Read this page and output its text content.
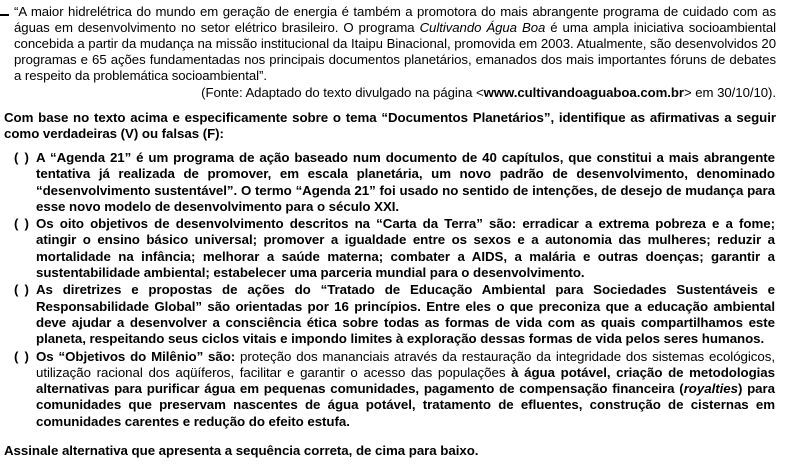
“A maior hidrelétrica do mundo em geração de energia é também a promotora do mais abrangente programa de cuidado com as águas em desenvolvimento no setor elétrico brasileiro. O programa Cultivando Água Boa é uma ampla iniciativa socioambiental concebida a partir da mudança na missão institucional da Itaipu Binacional, promovida em 2003. Atualmente, são desenvolvidos 20 programas e 65 ações fundamentadas nos principais documentos planetários, emanados dos mais importantes fóruns de debates a respeito da problemática socioambiental”.

(Fonte: Adaptado do texto divulgado na página <www.cultivandoaguaboa.com.br> em 30/10/10).

Com base no texto acima e especificamente sobre o tema “Documentos Planetários”, identifique as afirmativas a seguir como verdadeiras (V) ou falsas (F):

( ) A “Agenda 21” é um programa de ação baseado num documento de 40 capítulos, que constitui a mais abrangente tentativa já realizada de promover, em escala planetária, um novo padrão de desenvolvimento, denominado “desenvolvimento sustentável”. O termo “Agenda 21” foi usado no sentido de intenções, de desejo de mudança para esse novo modelo de desenvolvimento para o século XXI.

( ) Os oito objetivos de desenvolvimento descritos na “Carta da Terra” são: erradicar a extrema pobreza e a fome; atingir o ensino básico universal; promover a igualdade entre os sexos e a autonomia das mulheres; reduzir a mortalidade na infância; melhorar a saúde materna; combater a AIDS, a malária e outras doenças; garantir a sustentabilidade ambiental; estabelecer uma parceria mundial para o desenvolvimento.

( ) As diretrizes e propostas de ações do “Tratado de Educação Ambiental para Sociedades Sustentáveis e Responsabilidade Global” são orientadas por 16 princípios. Entre eles o que preconiza que a educação ambiental deve ajudar a desenvolver a consciência ética sobre todas as formas de vida com as quais compartilhamos este planeta, respeitando seus ciclos vitais e impondo limites à exploração dessas formas de vida pelos seres humanos.

( ) Os “Objetivos do Milênio” são: proteção dos mananciais através da restauração da integridade dos sistemas ecológicos, utilização racional dos aqüíferos, facilitar e garantir o acesso das populações à água potável, criação de metodologias alternativas para purificar água em pequenas comunidades, pagamento de compensação financeira (royalties) para comunidades que preservam nascentes de água potável, tratamento de efluentes, construção de cisternas em comunidades carentes e redução do efeito estufa.

Assinale alternativa que apresenta a sequência correta, de cima para baixo.
